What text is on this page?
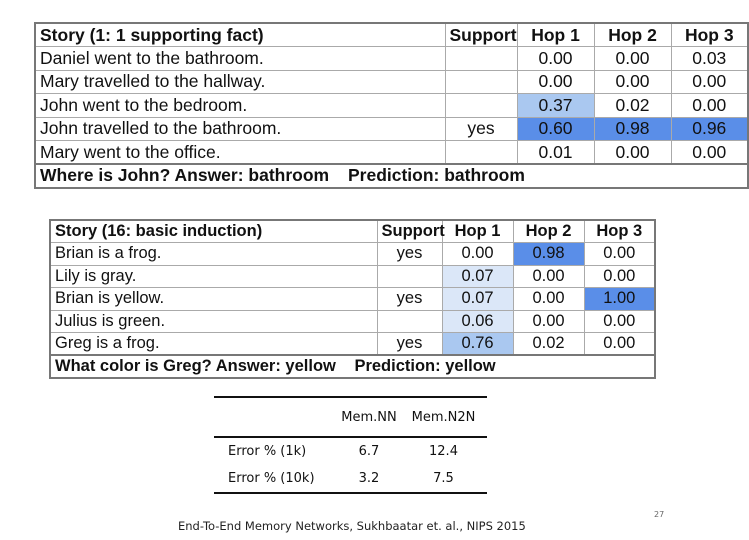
Story (1: 1 supporting fact)	Support	Hop 1	Hop 2	Hop 3
Daniel went to the bathroom.		0.00	0.00	0.03
Mary travelled to the hallway.		0.00	0.00	0.00
John went to the bedroom.		0.37	0.02	0.00
John travelled to the bathroom.	yes	0.60	0.98	0.96
Mary went to the office.		0.01	0.00	0.00
Where is John? Answer: bathroom Prediction: bathroom				
Story (16: basic induction)	Support	Hop 1	Hop 2	Hop 3
Brian is a frog.	yes	0.00	0.98	0.00
Lily is gray.		0.07	0.00	0.00
Brian is yellow.	yes	0.07	0.00	1.00
Julius is green.		0.06	0.00	0.00
Greg is a frog.	yes	0.76	0.02	0.00
What color is Greg? Answer: yellow Prediction: yellow				
Mem.NN	Mem.N2N
Error % (1k)	6.7	12.4
Error % (10k)	3.2	7.5
End-To-End Memory Networks, Sukhbaatar et. al., NIPS 2015
27
